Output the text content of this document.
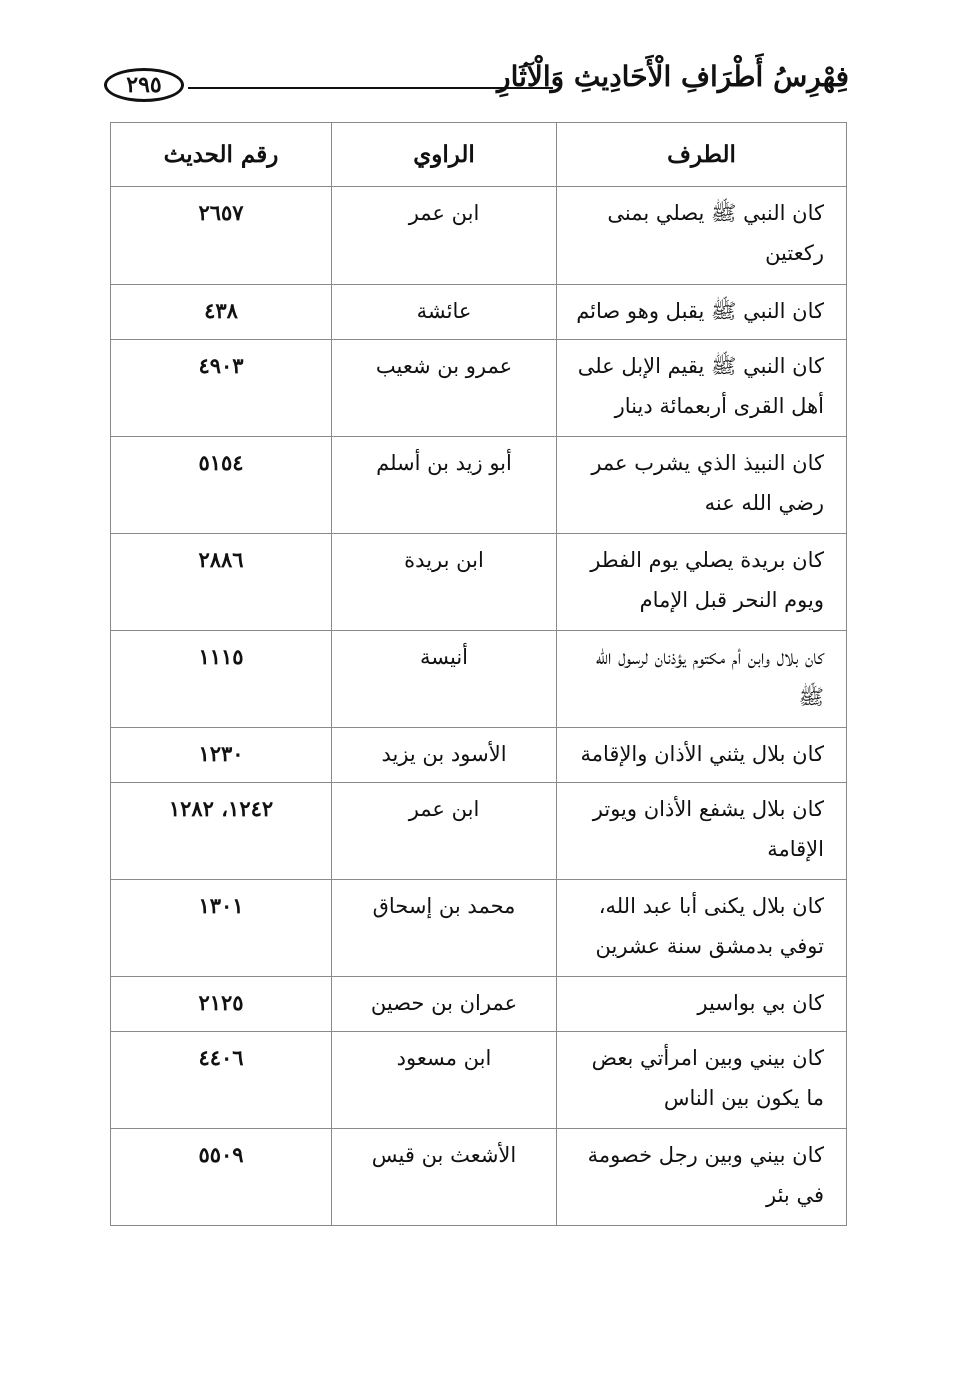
٢٩٥	فِهْرِسُ أَطْرَافِ الْأَحَادِيثِ وَالْآثَارِ
الطرف	الراوي	رقم الحديث
كان النبي ﷺ يصلي بمنى ركعتين	ابن عمر	٢٦٥٧
كان النبي ﷺ يقبل وهو صائم	عائشة	٤٣٨
كان النبي ﷺ يقيم الإبل على أهل القرى أربعمائة دينار	عمرو بن شعيب	٤٩٠٣
كان النبيذ الذي يشرب عمر رضي الله عنه	أبو زيد بن أسلم	٥١٥٤
كان بريدة يصلي يوم الفطر ويوم النحر قبل الإمام	ابن بريدة	٢٨٨٦
كان بلال وابن أم مكتوم يؤذنان لرسول الله ﷺ	أنيسة	١١١٥
كان بلال يثني الأذان والإقامة	الأسود بن يزيد	١٢٣٠
كان بلال يشفع الأذان ويوتر الإقامة	ابن عمر	١٢٤٢، ١٢٨٢
كان بلال يكنى أبا عبد الله، توفي بدمشق سنة عشرين	محمد بن إسحاق	١٣٠١
كان بي بواسير	عمران بن حصين	٢١٢٥
كان بيني وبين امرأتي بعض ما يكون بين الناس	ابن مسعود	٤٤٠٦
كان بيني وبين رجل خصومة في بئر	الأشعث بن قيس	٥٥٠٩
